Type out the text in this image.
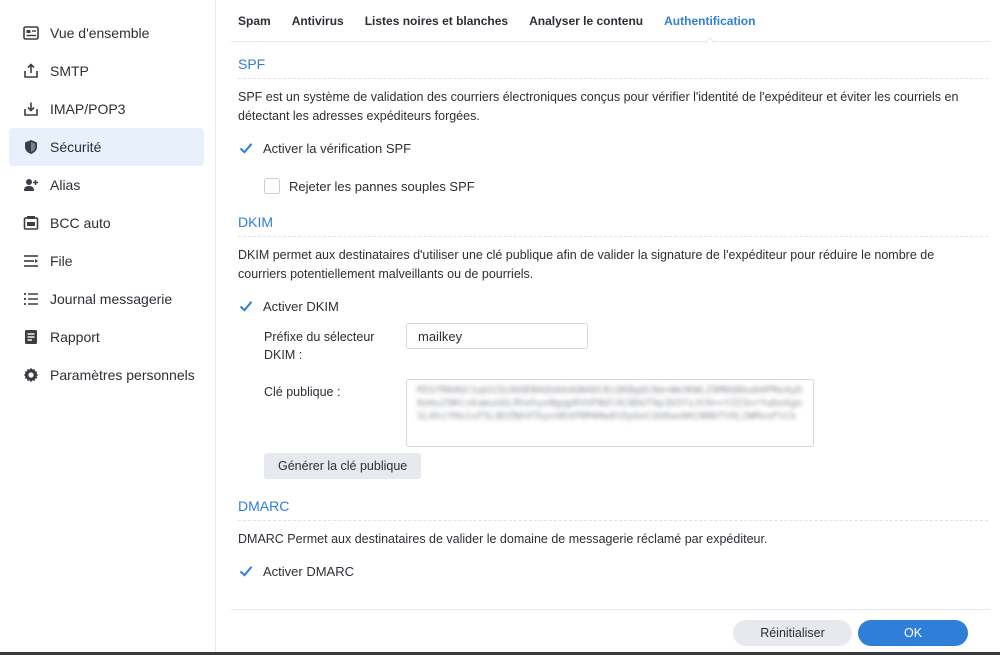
Vue d'ensemble
SMTP
IMAP/POP3
Sécurité
Alias
BCC auto
File
Journal messagerie
Rapport
Paramètres personnels
Spam Antivirus Listes noires et blanches Analyser le contenu Authentification
SPF
SPF est un système de validation des courriers électroniques conçus pour vérifier l'identité de l'expéditeur et éviter les courriels en détectant les adresses expéditeurs forgées.
Activer la vérification SPF
Rejeter les pannes souples SPF
DKIM
DKIM permet aux destinataires d'utiliser une clé publique afin de valider la signature de l'expéditeur pour réduire le nombre de courriers potentiellement malveillants ou de pourriels.
Activer DKIM
Préfixe du sélecteur DKIM :
mailkey
Clé publique :	MIGfMA0GCSqGSIb3DQEBAQUAA4GNADCBiQKBgQC8m+Wm3KWLZ9M0Q8kabHPRe4yD6emu29KCx6amuUGLRhehyeNgqpRVUFNdl9C8DGT9p3b5fsJCH++YZZ3nrYwbeAgnSLAhiYHo1sF5L8DZNX4Tbyx9EAFRM4Hw0tEpGeCUU0aobKCN0DfVXL2WMxoFtCk
Générer la clé publique
DMARC
DMARC Permet aux destinataires de valider le domaine de messagerie réclamé par expéditeur.
Activer DMARC
Réinitialiser	OK
